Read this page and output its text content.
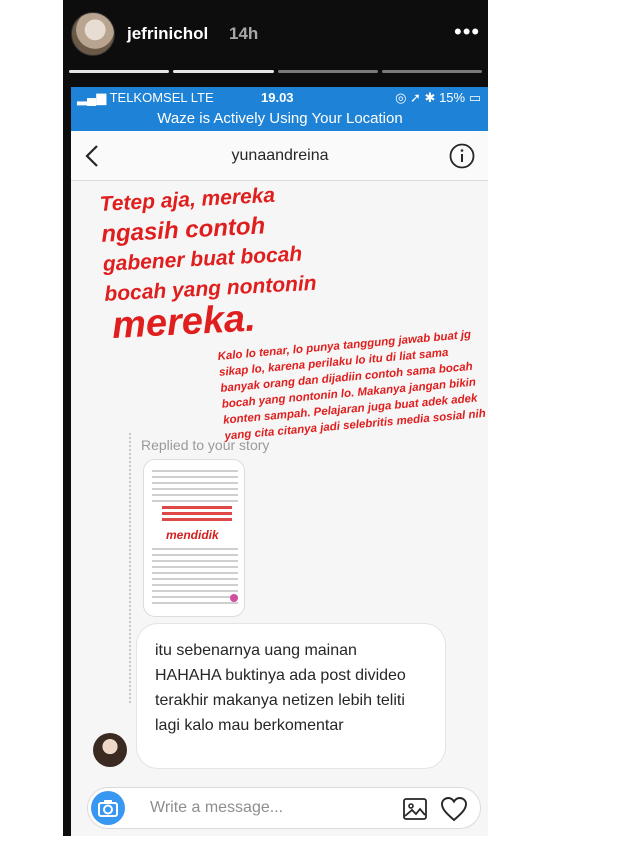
jefrinichol 14h	•••
▂▄▆ TELKOMSEL LTE	19.03	◎ ➚ ✱ 15% ▭
Waze is Actively Using Your Location
yunaandreina
Tetep aja, mereka
ngasih contoh
gabener buat bocah
bocah yang nontonin
mereka.
Kalo lo tenar, lo punya tanggung jawab buat jg sikap lo, karena perilaku lo itu di liat sama banyak orang dan dijadiin contoh sama bocah bocah yang nontonin lo. Makanya jangan bikin konten sampah. Pelajaran juga buat adek adek yang cita citanya jadi selebritis media sosial nih
Replied to your story
mendidik
itu sebenarnya uang mainan HAHAHA buktinya ada post divideo terakhir makanya netizen lebih teliti lagi kalo mau berkomentar
Write a message...
